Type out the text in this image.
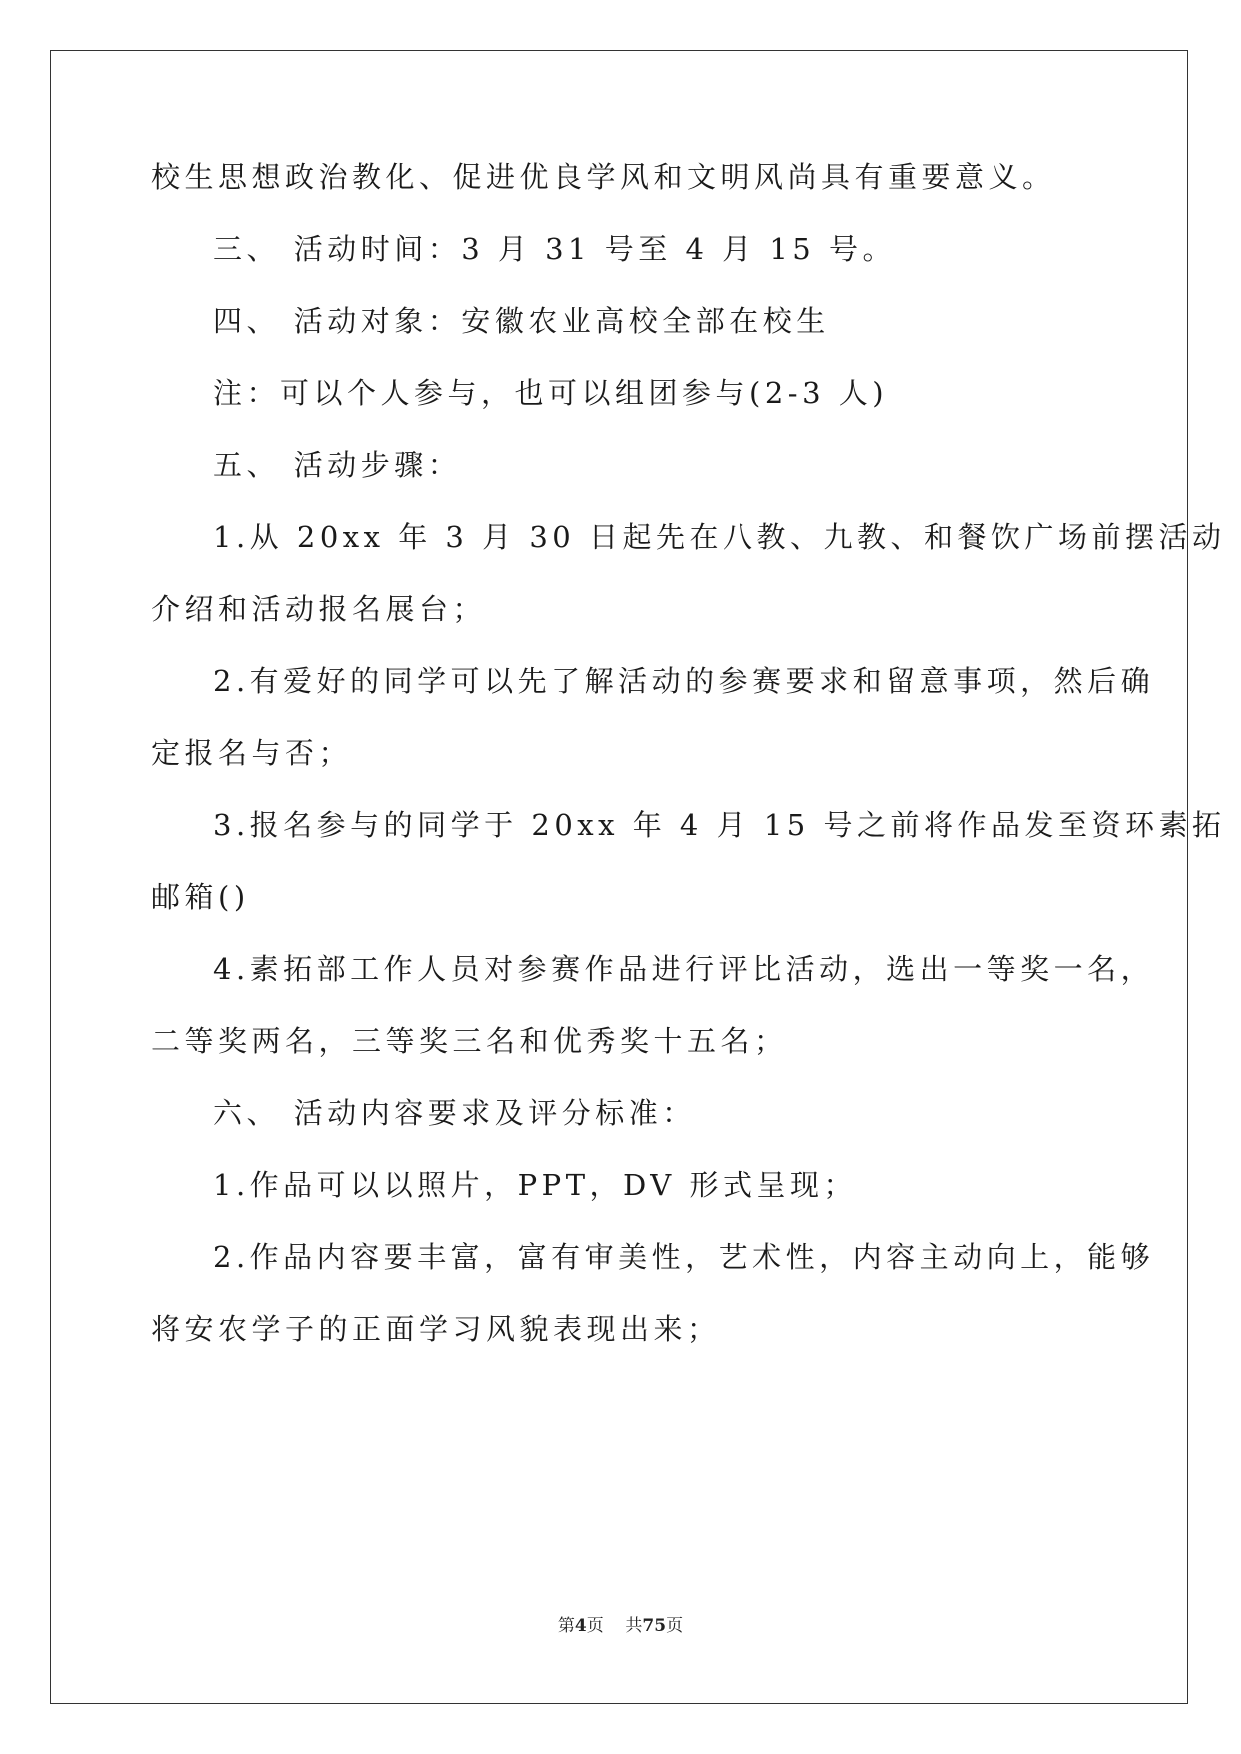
校生思想政治教化、促进优良学风和文明风尚具有重要意义。
三、 活动时间：3 月 31 号至 4 月 15 号。
四、 活动对象：安徽农业高校全部在校生
注：可以个人参与，也可以组团参与(2-3 人)
五、 活动步骤：
1.从 20xx 年 3 月 30 日起先在八教、九教、和餐饮广场前摆活动
介绍和活动报名展台；
2.有爱好的同学可以先了解活动的参赛要求和留意事项，然后确
定报名与否；
3.报名参与的同学于 20xx 年 4 月 15 号之前将作品发至资环素拓
邮箱()
4.素拓部工作人员对参赛作品进行评比活动，选出一等奖一名，
二等奖两名，三等奖三名和优秀奖十五名；
六、 活动内容要求及评分标准：
1.作品可以以照片，PPT，DV 形式呈现；
2.作品内容要丰富，富有审美性，艺术性，内容主动向上，能够
将安农学子的正面学习风貌表现出来；
第4页 共75页
